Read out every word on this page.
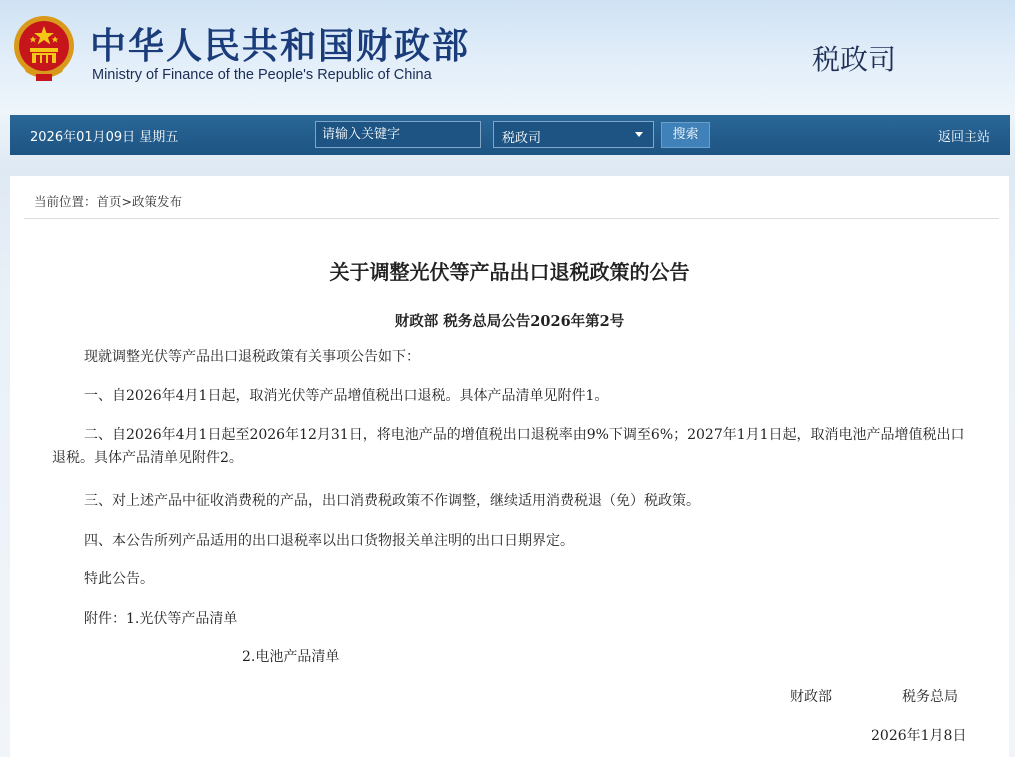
中华人民共和国财政部
Ministry of Finance of the People's Republic of China	税政司
2026年01月09日 星期五
请输入关键字	税政司	搜索	返回主站
当前位置：首页>政策发布
关于调整光伏等产品出口退税政策的公告
财政部 税务总局公告2026年第2号
现就调整光伏等产品出口退税政策有关事项公告如下：
一、自2026年4月1日起，取消光伏等产品增值税出口退税。具体产品清单见附件1。
二、自2026年4月1日起至2026年12月31日，将电池产品的增值税出口退税率由9%下调至6%；2027年1月1日起，取消电池产品增值税出口退税。具体产品清单见附件2。
三、对上述产品中征收消费税的产品，出口消费税政策不作调整，继续适用消费税退（免）税政策。
四、本公告所列产品适用的出口退税率以出口货物报关单注明的出口日期界定。
特此公告。
附件：1.光伏等产品清单
2.电池产品清单
财政部	税务总局
2026年1月8日
